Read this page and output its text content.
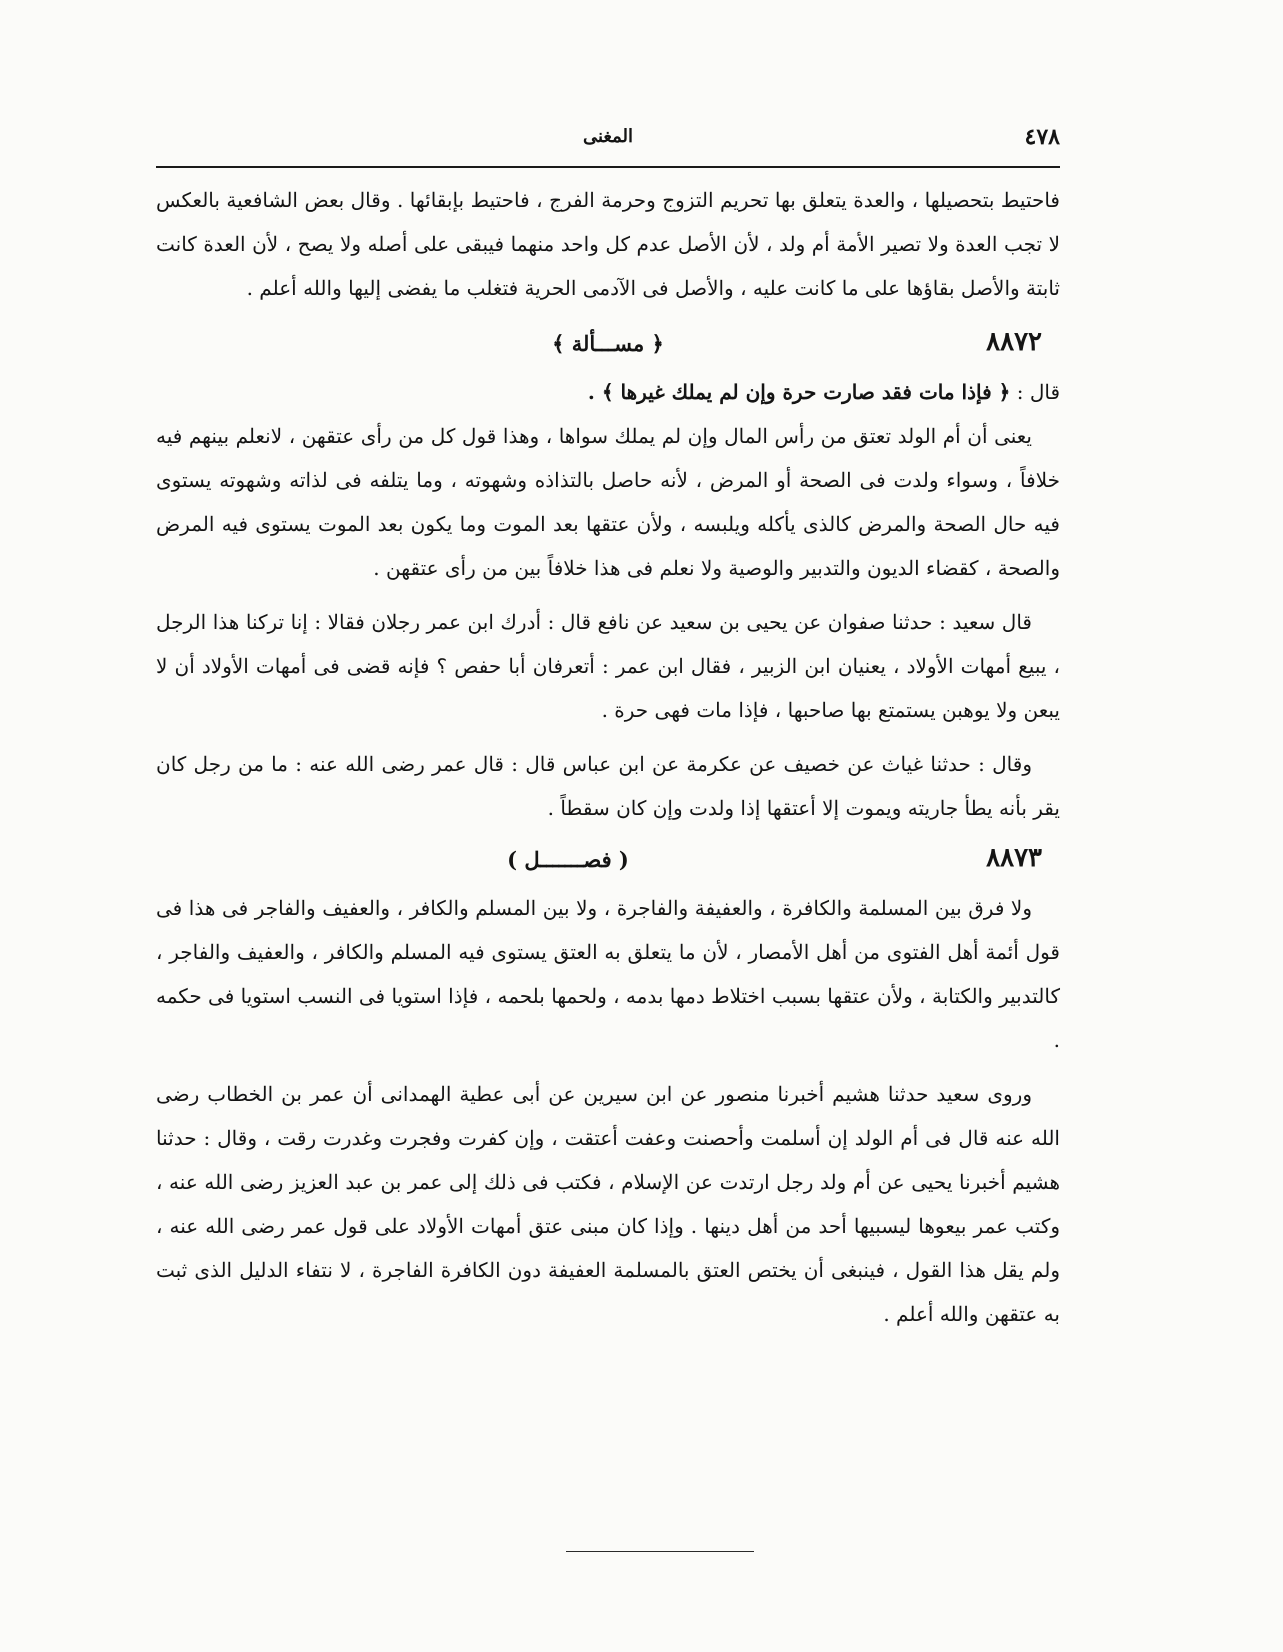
٤٧٨
المغنى

فاحتيط بتحصيلها ، والعدة يتعلق بها تحريم التزوج وحرمة الفرج ، فاحتيط بإبقائها . وقال بعض الشافعية بالعكس لا تجب العدة ولا تصير الأمة أم ولد ، لأن الأصل عدم كل واحد منهما فيبقى على أصله ولا يصح ، لأن العدة كانت ثابتة والأصل بقاؤها على ما كانت عليه ، والأصل فى الآدمى الحرية فتغلب ما يفضى إليها والله أعلم .

٨٨٧٢
﴿ مســـألة ﴾

قال : ﴿ فإذا مات فقد صارت حرة وإن لم يملك غيرها ﴾ .

يعنى أن أم الولد تعتق من رأس المال وإن لم يملك سواها ، وهذا قول كل من رأى عتقهن ، لانعلم بينهم فيه خلافاً ، وسواء ولدت فى الصحة أو المرض ، لأنه حاصل بالتذاذه وشهوته ، وما يتلفه فى لذاته وشهوته يستوى فيه حال الصحة والمرض كالذى يأكله ويلبسه ، ولأن عتقها بعد الموت وما يكون بعد الموت يستوى فيه المرض والصحة ، كقضاء الديون والتدبير والوصية ولا نعلم فى هذا خلافاً بين من رأى عتقهن .

قال سعيد : حدثنا صفوان عن يحيى بن سعيد عن نافع قال : أدرك ابن عمر رجلان فقالا : إنا تركنا هذا الرجل ، يبيع أمهات الأولاد ، يعنيان ابن الزبير ، فقال ابن عمر : أتعرفان أبا حفص ؟ فإنه قضى فى أمهات الأولاد أن لا يبعن ولا يوهبن يستمتع بها صاحبها ، فإذا مات فهى حرة .

وقال : حدثنا غياث عن خصيف عن عكرمة عن ابن عباس قال : قال عمر رضى الله عنه : ما من رجل كان يقر بأنه يطأ جاريته ويموت إلا أعتقها إذا ولدت وإن كان سقطاً .

٨٨٧٣
( فصـــــــل )

ولا فرق بين المسلمة والكافرة ، والعفيفة والفاجرة ، ولا بين المسلم والكافر ، والعفيف والفاجر فى هذا فى قول أئمة أهل الفتوى من أهل الأمصار ، لأن ما يتعلق به العتق يستوى فيه المسلم والكافر ، والعفيف والفاجر ، كالتدبير والكتابة ، ولأن عتقها بسبب اختلاط دمها بدمه ، ولحمها بلحمه ، فإذا استويا فى النسب استويا فى حكمه .

وروى سعيد حدثنا هشيم أخبرنا منصور عن ابن سيرين عن أبى عطية الهمدانى أن عمر بن الخطاب رضى الله عنه قال فى أم الولد إن أسلمت وأحصنت وعفت أعتقت ، وإن كفرت وفجرت وغدرت رقت ، وقال : حدثنا هشيم أخبرنا يحيى عن أم ولد رجل ارتدت عن الإسلام ، فكتب فى ذلك إلى عمر بن عبد العزيز رضى الله عنه ، وكتب عمر بيعوها ليسبيها أحد من أهل دينها . وإذا كان مبنى عتق أمهات الأولاد على قول عمر رضى الله عنه ، ولم يقل هذا القول ، فينبغى أن يختص العتق بالمسلمة العفيفة دون الكافرة الفاجرة ، لا نتفاء الدليل الذى ثبت به عتقهن والله أعلم .
